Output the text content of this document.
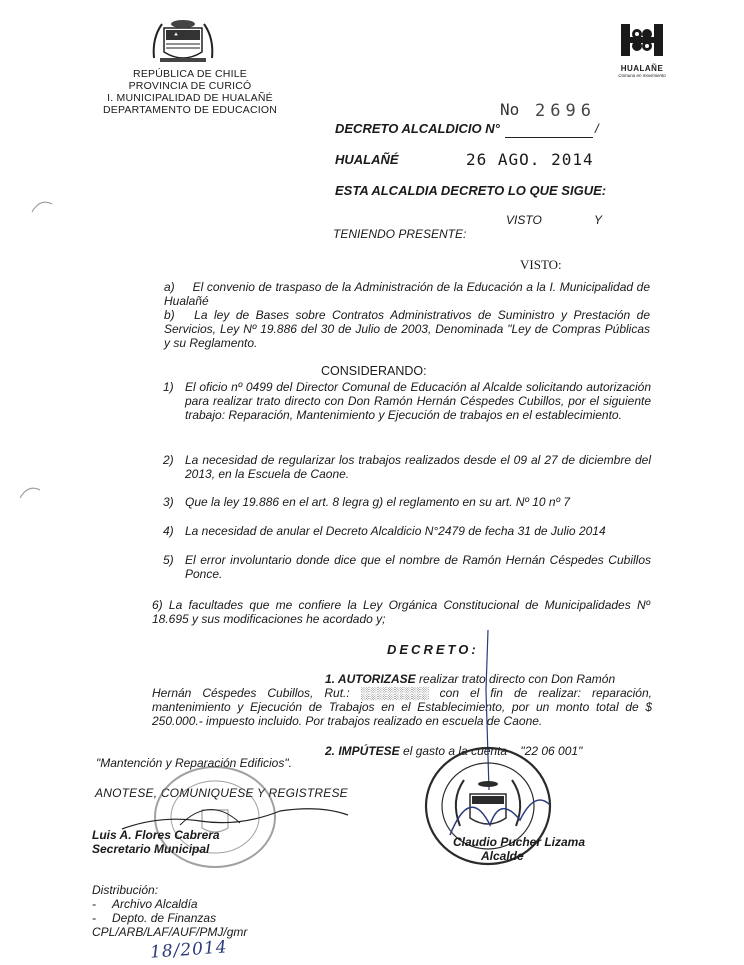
REPÚBLICA DE CHILE
PROVINCIA DE CURICÓ
I. MUNICIPALIDAD DE HUALAÑÉ
DEPARTAMENTO DE EDUCACION
HUALAÑE
Comuna en movimiento
No 2696
DECRETO ALCALDICIO N°	/
HUALAÑÉ	26 AGO. 2014
ESTA ALCALDIA DECRETO LO QUE SIGUE:
VISTO	Y
TENIENDO PRESENTE:
VISTO:
a) El convenio de traspaso de la Administración de la Educación a la I. Municipalidad de Hualañé
b) La ley de Bases sobre Contratos Administrativos de Suministro y Prestación de Servicios, Ley Nº 19.886 del 30 de Julio de 2003, Denominada "Ley de Compras Públicas y su Reglamento.
CONSIDERANDO:
1) El oficio nº 0499 del Director Comunal de Educación al Alcalde solicitando autorización para realizar trato directo con Don Ramón Hernán Céspedes Cubillos, por el siguiente trabajo: Reparación, Mantenimiento y Ejecución de trabajos en el establecimiento.
2) La necesidad de regularizar los trabajos realizados desde el 09 al 27 de diciembre del 2013, en la Escuela de Caone.
3) Que la ley 19.886 en el art. 8 legra g) el reglamento en su art. Nº 10 nº 7
4) La necesidad de anular el Decreto Alcaldicio N°2479 de fecha 31 de Julio 2014
5) El error involuntario donde dice que el nombre de Ramón Hernán Céspedes Cubillos Ponce.
6) La facultades que me confiere la Ley Orgánica Constitucional de Municipalidades Nº 18.695 y sus modificaciones he acordado y;
DECRETO:
1. AUTORIZASE realizar trato directo con Don Ramón
Hernán Céspedes Cubillos, Rut.: ░░░░░░░░ con el fin de realizar: reparación, mantenimiento y Ejecución de Trabajos en el Establecimiento, por un monto total de $ 250.000.- impuesto incluido. Por trabajos realizado en escuela de Caone.
2. IMPÚTESE el gasto a la cuenta    "22 06 001"
"Mantención y Reparación Edificios".
ANOTESE, COMUNIQUESE Y REGISTRESE
Luis A. Flores Cabrera
Secretario Municipal	Claudio Pucher Lizama
Alcalde
Distribución:
- Archivo Alcaldía
- Depto. de Finanzas
CPL/ARB/LAF/AUF/PMJ/gmr
18/2014
